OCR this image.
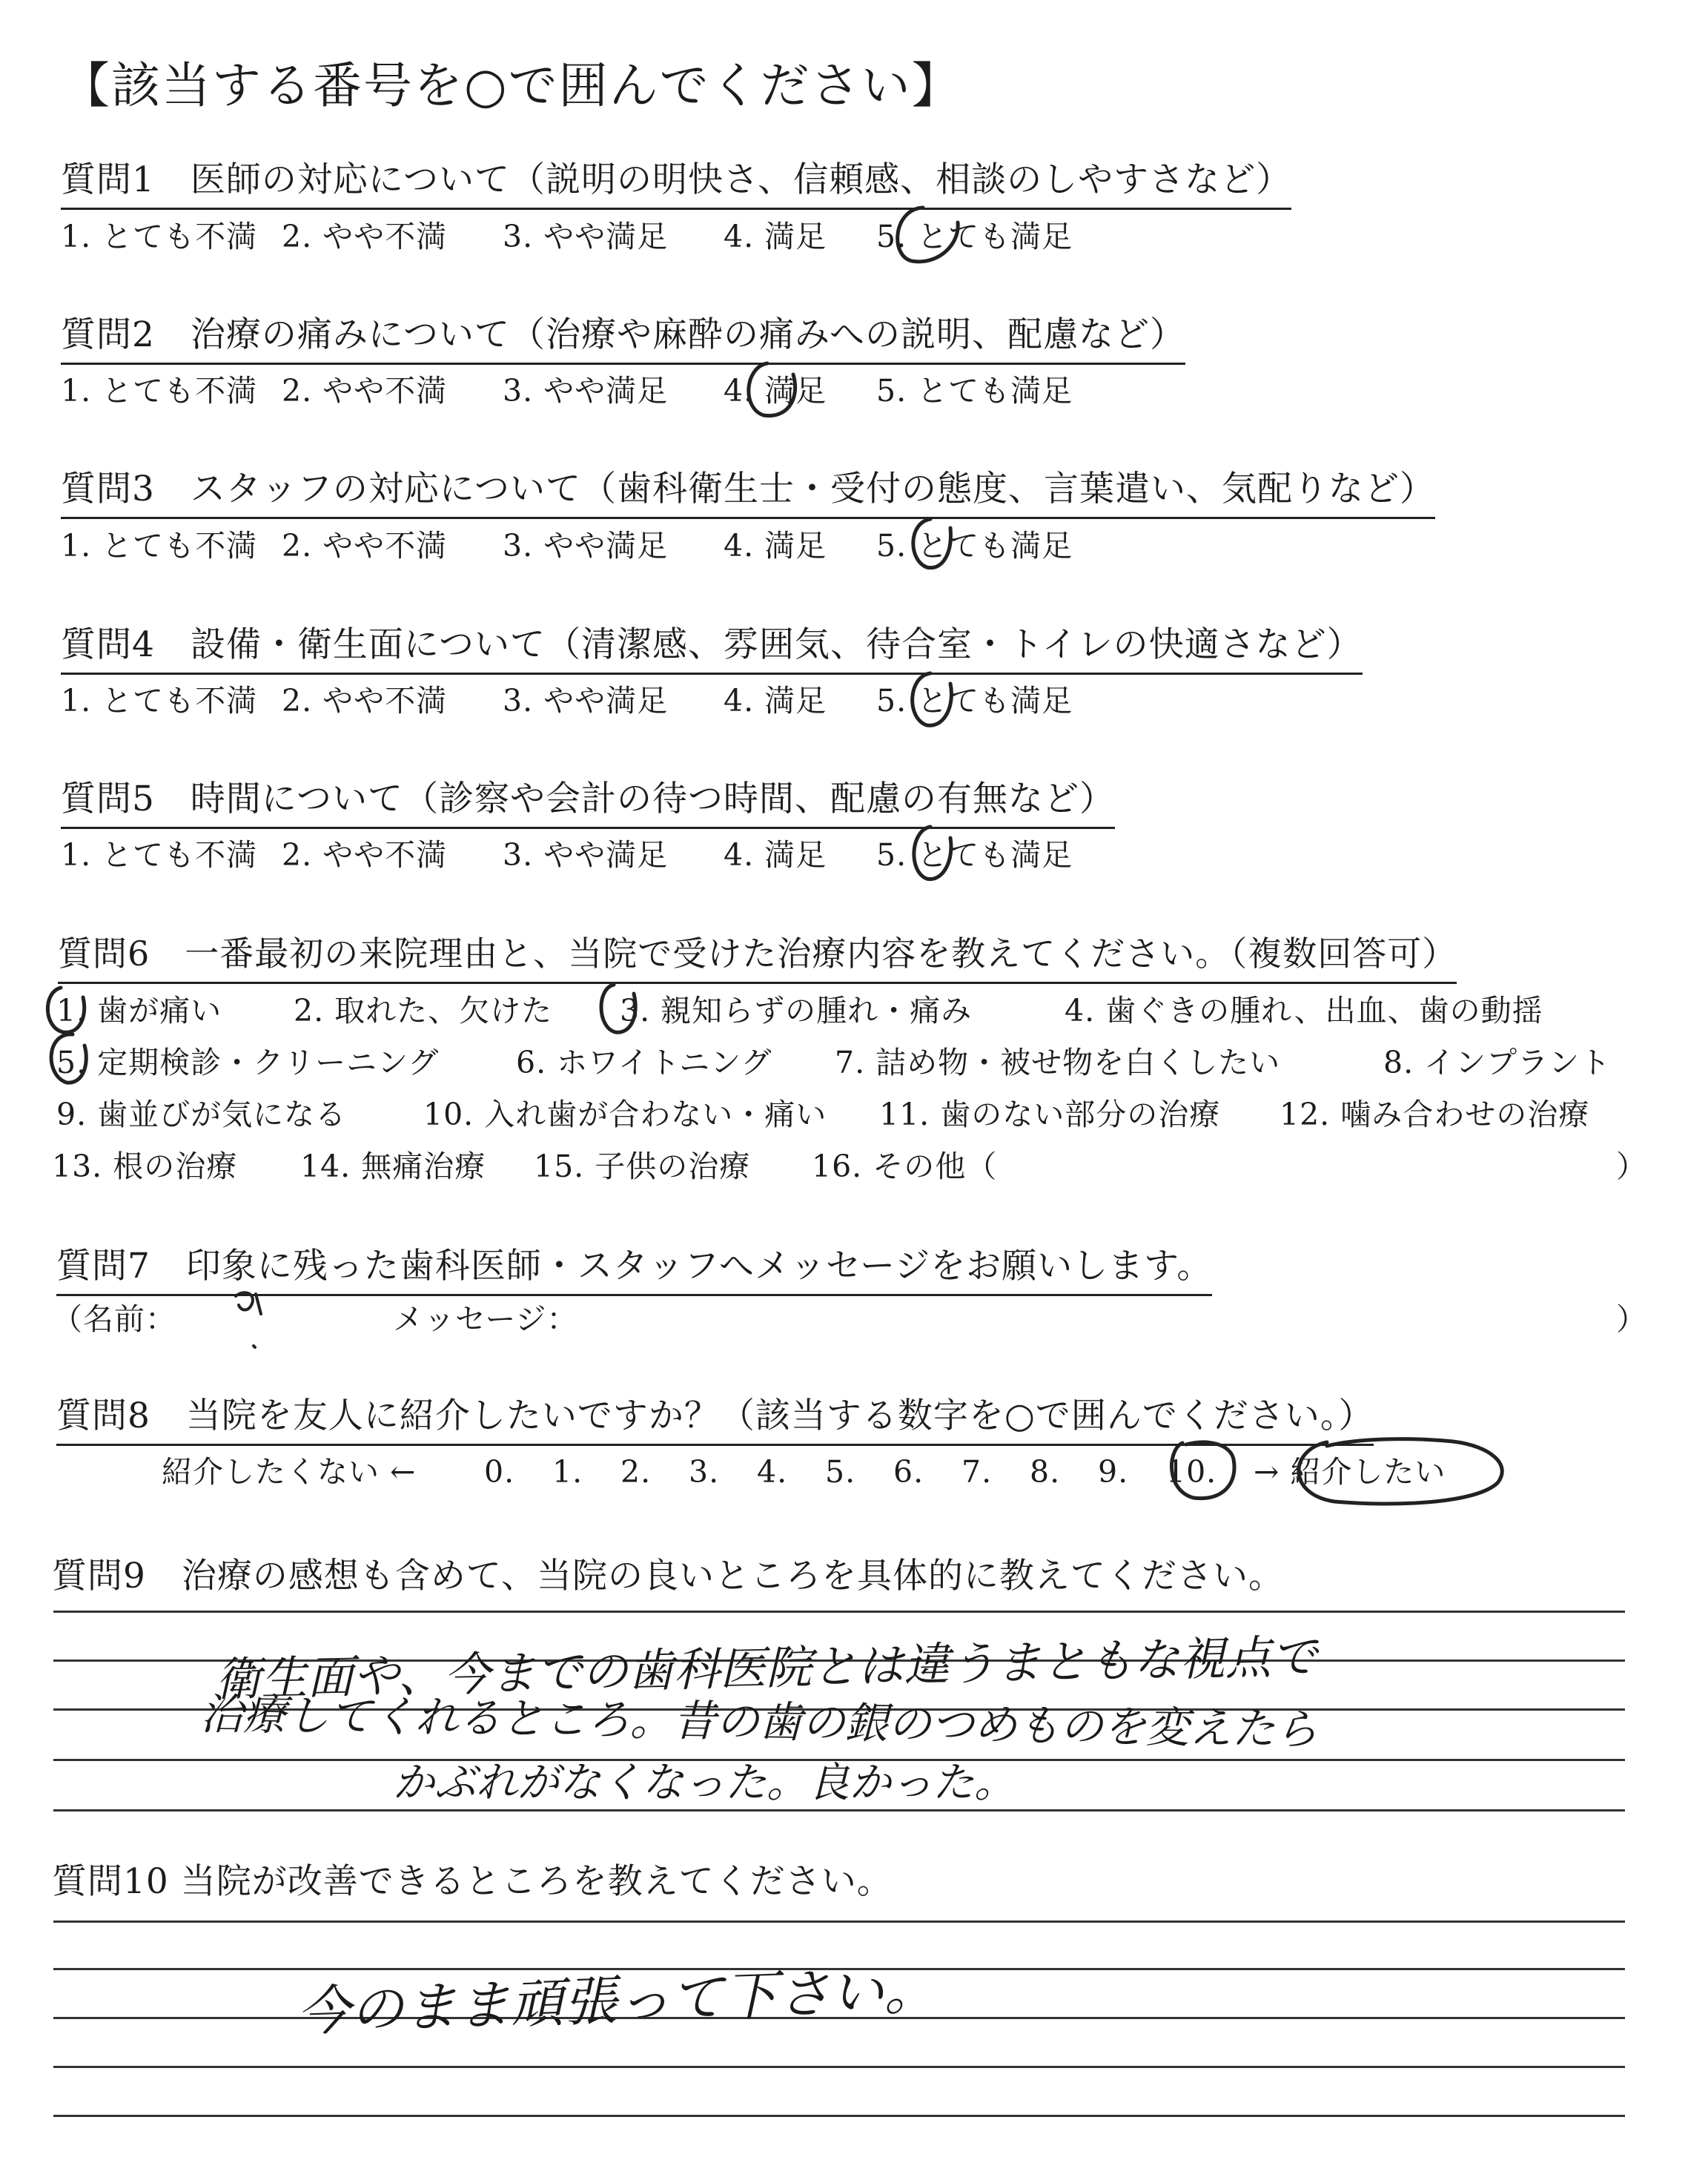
【該当する番号を○で囲んでください】
質問1　医師の対応について（説明の明快さ、信頼感、相談のしやすさなど）
1. とても不満 2. やや不満 3. やや満足 4. 満足 5. とても満足
質問2　治療の痛みについて（治療や麻酔の痛みへの説明、配慮など）
1. とても不満 2. やや不満 3. やや満足 4. 満足 5. とても満足
質問3　スタッフの対応について（歯科衛生士・受付の態度、言葉遣い、気配りなど）
1. とても不満 2. やや不満 3. やや満足 4. 満足 5. とても満足
質問4　設備・衛生面について（清潔感、雰囲気、待合室・トイレの快適さなど）
1. とても不満 2. やや不満 3. やや満足 4. 満足 5. とても満足
質問5　時間について（診察や会計の待つ時間、配慮の有無など）
1. とても不満 2. やや不満 3. やや満足 4. 満足 5. とても満足
質問6　一番最初の来院理由と、当院で受けた治療内容を教えてください。（複数回答可）
1. 歯が痛い 2. 取れた、欠けた 3. 親知らずの腫れ・痛み	4. 歯ぐきの腫れ、出血、歯の動揺
5. 定期検診・クリーニング	6. ホワイトニング 7. 詰め物・被せ物を白くしたい	8. インプラント
9. 歯並びが気になる	10. 入れ歯が合わない・痛い 11. 歯のない部分の治療 12. 噛み合わせの治療
13. 根の治療 14. 無痛治療 15. 子供の治療 16. その他（	）
質問7　印象に残った歯科医師・スタッフへメッセージをお願いします。
（名前：	メッセージ：	）
質問8　当院を友人に紹介したいですか？（該当する数字を○で囲んでください。）
紹介したくない ← 0. 1. 2. 3. 4. 5. 6. 7. 8. 9. 10. → 紹介したい
質問9　治療の感想も含めて、当院の良いところを具体的に教えてください。
衛生面や、今までの歯科医院とは違うまともな視点で
治療してくれるところ。昔の歯の銀のつめものを変えたら
かぶれがなくなった。良かった。
質問10 当院が改善できるところを教えてください。
今のまま頑張って下さい。
